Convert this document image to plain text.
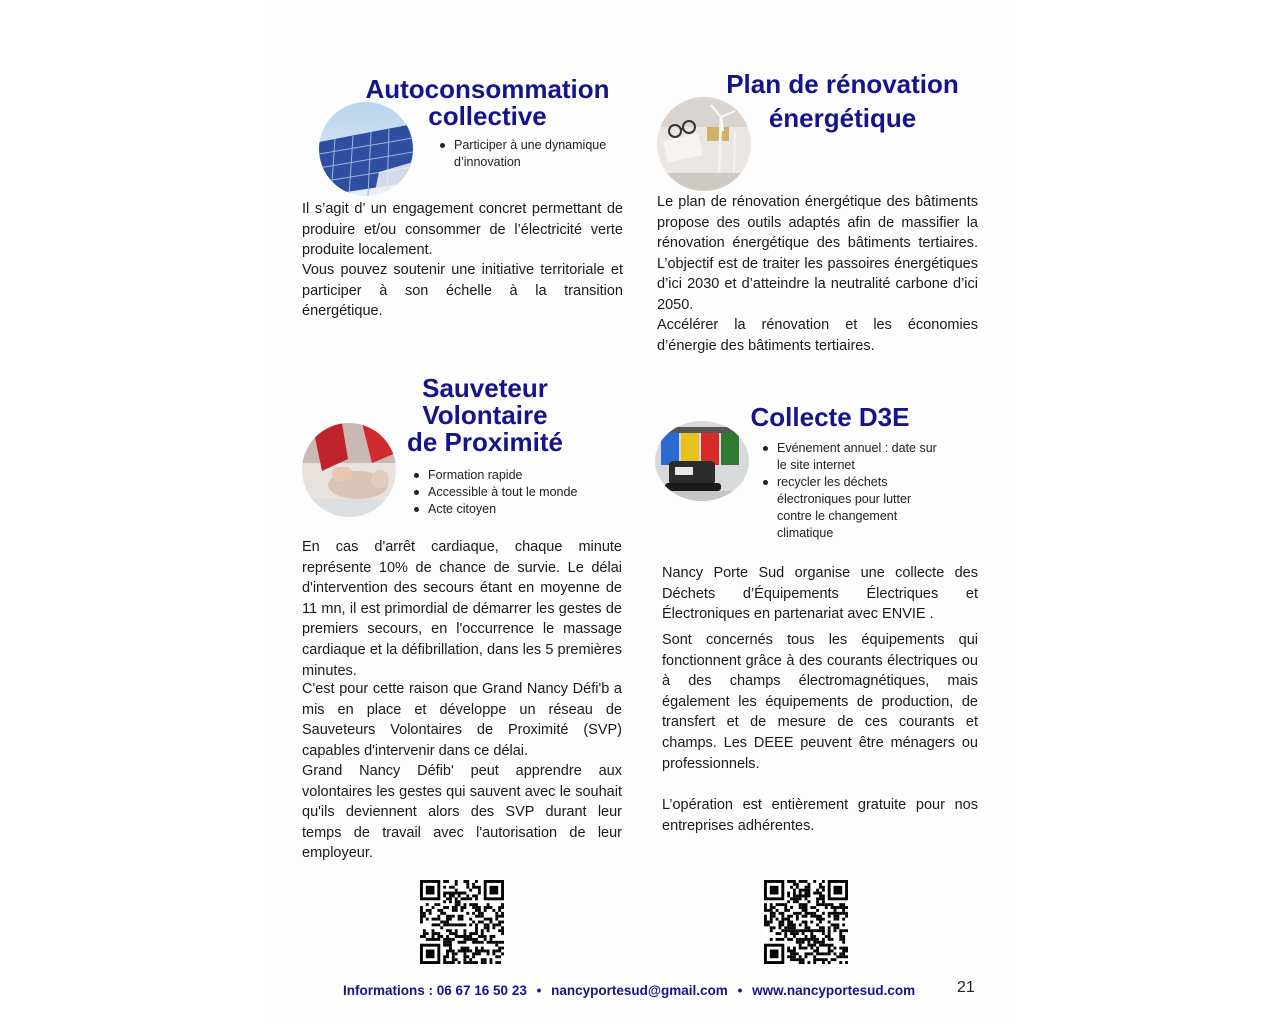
Autoconsommation
collective
Participer à une dynamique d’innovation

Il s’agit d’ un engagement concret permettant de produire et/ou consommer de l’électricité verte produite localement.

Vous pouvez soutenir une initiative territoriale et participer à son échelle à la transition énergétique.

Plan de rénovation
énergétique

Le plan de rénovation énergétique des bâtiments propose des outils adaptés afin de massifier la rénovation énergétique des bâtiments tertiaires. L’objectif est de traiter les passoires énergétiques d’ici 2030 et d’atteindre la neutralité carbone d’ici 2050.

Accélérer la rénovation et les économies d’énergie des bâtiments tertiaires.

Sauveteur
Volontaire
de Proximité
Formation rapide
Accessible à tout le monde
Acte citoyen

En cas d'arrêt cardiaque, chaque minute représente 10% de chance de survie. Le délai d'intervention des secours étant en moyenne de 11 mn, il est primordial de démarrer les gestes de premiers secours, en l'occurrence le massage cardiaque et la défibrillation, dans les 5 premières minutes.

C'est pour cette raison que Grand Nancy Défi'b a mis en place et développe un réseau de Sauveteurs Volontaires de Proximité (SVP) capables d'intervenir dans ce délai.

Grand Nancy Défib' peut apprendre aux volontaires les gestes qui sauvent avec le souhait qu'ils deviennent alors des SVP durant leur temps de travail avec l'autorisation de leur employeur.

Collecte D3E
Evénement annuel : date sur le site internet
recycler les déchets électroniques pour lutter contre le changement climatique

Nancy Porte Sud organise une collecte des Déchets d’Équipements Électriques et Électroniques en partenariat avec ENVIE .

Sont concernés tous les équipements qui fonctionnent grâce à des courants électriques ou à des champs électromagnétiques, mais également les équipements de production, de transfert et de mesure de ces courants et champs. Les DEEE peuvent être ménagers ou professionnels.

L’opération est entièrement gratuite pour nos entreprises adhérentes.

Informations : 06 67 16 50 23 • nancyportesud@gmail.com • www.nancyportesud.com	21
